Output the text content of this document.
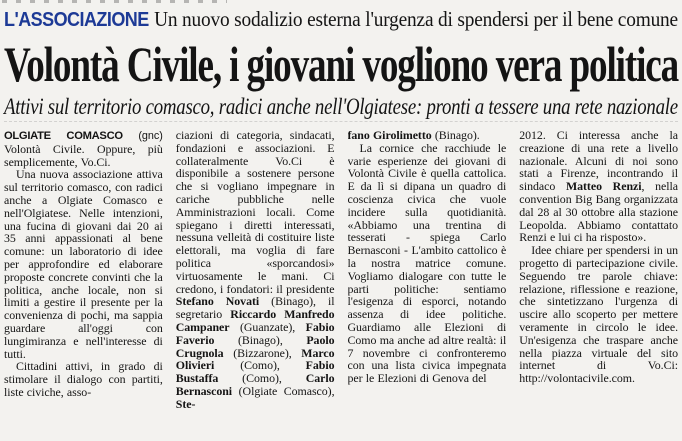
L'ASSOCIAZIONE Un nuovo sodalizio esterna l'urgenza di spendersi per il bene comune
Volontà Civile, i giovani vogliono vera politica
Attivi sul territorio comasco, radici anche nell'Olgiatese: pronti a tessere una rete nazionale

OLGIATE COMASCO (gnc) Volontà Civile. Oppure, più semplicemente, Vo.Ci.

Una nuova associazione attiva sul territorio comasco, con radici anche a Olgiate Comasco e nell'Olgiatese. Nelle intenzioni, una fucina di giovani dai 20 ai 35 anni appassionati al bene comune: un laboratorio di idee per approfondire ed elaborare proposte concrete convinti che la politica, anche locale, non si limiti a gestire il presente per la convenienza di pochi, ma sappia guardare all'oggi con lungimiranza e nell'interesse di tutti.

Cittadini attivi, in grado di stimolare il dialogo con partiti, liste civiche, asso-

ciazioni di categoria, sindacati, fondazioni e associazioni. E collateralmente Vo.Ci è disponibile a sostenere persone che si vogliano impegnare in cariche pubbliche nelle Amministrazioni locali. Come spiegano i diretti interessati, nessuna velleità di costituire liste elettorali, ma voglia di fare politica «sporcandosi» virtuosamente le mani. Ci credono, i fondatori: il presidente Stefano Novati (Binago), il segretario Riccardo Manfredo Campaner (Guanzate), Fabio Faverio (Binago), Paolo Crugnola (Bizzarone), Marco Olivieri (Como), Fabio Bustaffa (Como), Carlo Bernasconi (Olgiate Comasco), Ste-

fano Girolimetto (Binago).

La cornice che racchiude le varie esperienze dei giovani di Volontà Civile è quella cattolica. E da lì si dipana un quadro di coscienza civica che vuole incidere sulla quotidianità. «Abbiamo una trentina di tesserati - spiega Carlo Bernasconi - L'ambito cattolico è la nostra matrice comune. Vogliamo dialogare con tutte le parti politiche: sentiamo l'esigenza di esporci, notando assenza di idee politiche. Guardiamo alle Elezioni di Como ma anche ad altre realtà: il 7 novembre ci confronteremo con una lista civica impegnata per le Elezioni di Genova del

2012. Ci interessa anche la creazione di una rete a livello nazionale. Alcuni di noi sono stati a Firenze, incontrando il sindaco Matteo Renzi, nella convention Big Bang organizzata dal 28 al 30 ottobre alla stazione Leopolda. Abbiamo contattato Renzi e lui ci ha risposto».

Idee chiare per spendersi in un progetto di partecipazione civile. Seguendo tre parole chiave: relazione, riflessione e reazione, che sintetizzano l'urgenza di uscire allo scoperto per mettere veramente in circolo le idee. Un'esigenza che traspare anche nella piazza virtuale del sito internet di Vo.Ci: http://volontacivile.com.
